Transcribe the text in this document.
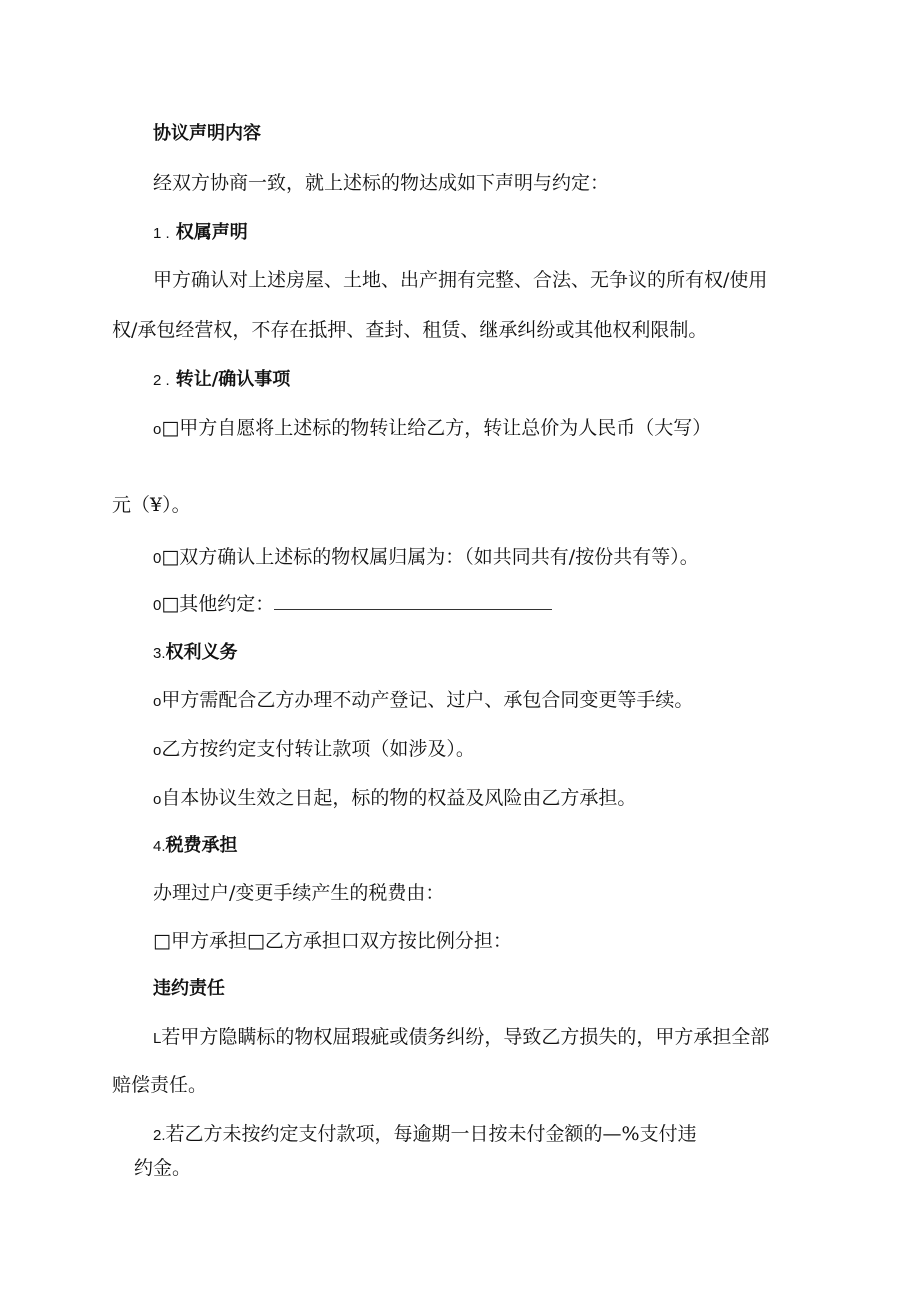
协议声明内容
经双方协商一致，就上述标的物达成如下声明与约定：
1 . 权属声明
甲方确认对上述房屋、土地、出产拥有完整、合法、无争议的所有权/使用
权/承包经营权，不存在抵押、查封、租赁、继承纠纷或其他权利限制。
2 . 转让/确认事项
o□甲方自愿将上述标的物转让给乙方，转让总价为人民币（大写）
元（¥）。
0□双方确认上述标的物权属归属为：（如共同共有/按份共有等）。
0□其他约定：
3.权利义务
o甲方需配合乙方办理不动产登记、过户、承包合同变更等手续。
o乙方按约定支付转让款项（如涉及）。
o自本协议生效之日起，标的物的权益及风险由乙方承担。
4.税费承担
办理过户/变更手续产生的税费由：
□甲方承担□乙方承担口双方按比例分担：
违约责任
L若甲方隐瞒标的物权屈瑕疵或债务纠纷，导致乙方损失的，甲方承担全部
赔偿责任。
2.若乙方未按约定支付款项，每逾期一日按未付金额的—%支付违
约金。
